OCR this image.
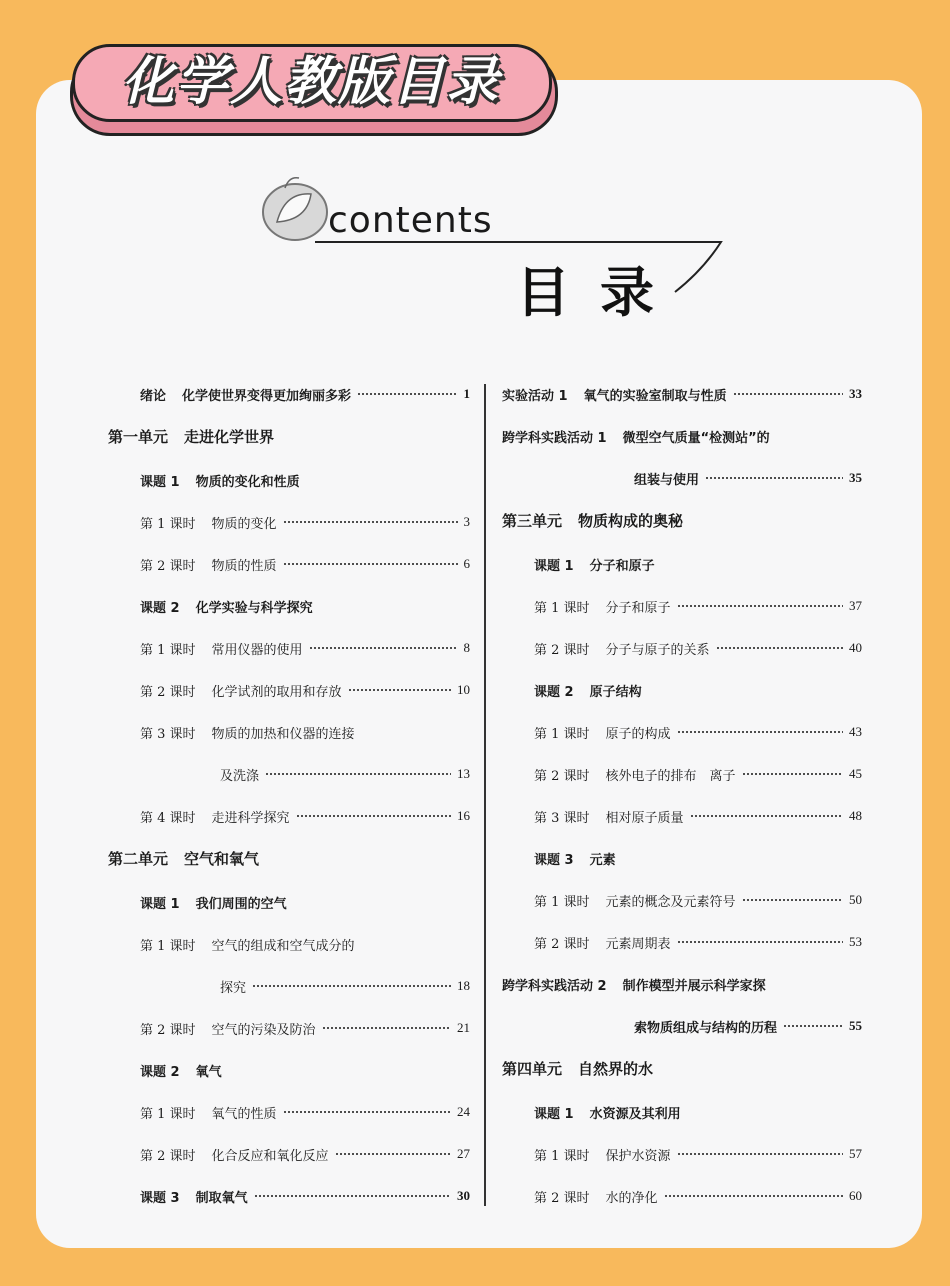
化学人教版目录
contents
目录
绪论 化学使世界变得更加绚丽多彩	1
第一单元 走进化学世界
课题 1 物质的变化和性质
第 1 课时 物质的变化	3
第 2 课时 物质的性质	6
课题 2 化学实验与科学探究
第 1 课时 常用仪器的使用	8
第 2 课时 化学试剂的取用和存放	10
第 3 课时 物质的加热和仪器的连接
及洗涤	13
第 4 课时 走进科学探究	16
第二单元 空气和氧气
课题 1 我们周围的空气
第 1 课时 空气的组成和空气成分的
探究	18
第 2 课时 空气的污染及防治	21
课题 2 氧气
第 1 课时 氧气的性质	24
第 2 课时 化合反应和氧化反应	27
课题 3 制取氧气	30
实验活动 1 氧气的实验室制取与性质	33
跨学科实践活动 1 微型空气质量“检测站”的
组装与使用	35
第三单元 物质构成的奥秘
课题 1 分子和原子
第 1 课时 分子和原子	37
第 2 课时 分子与原子的关系	40
课题 2 原子结构
第 1 课时 原子的构成	43
第 2 课时 核外电子的排布　离子	45
第 3 课时 相对原子质量	48
课题 3 元素
第 1 课时 元素的概念及元素符号	50
第 2 课时 元素周期表	53
跨学科实践活动 2 制作模型并展示科学家探
索物质组成与结构的历程	55
第四单元 自然界的水
课题 1 水资源及其利用
第 1 课时 保护水资源	57
第 2 课时 水的净化	60
